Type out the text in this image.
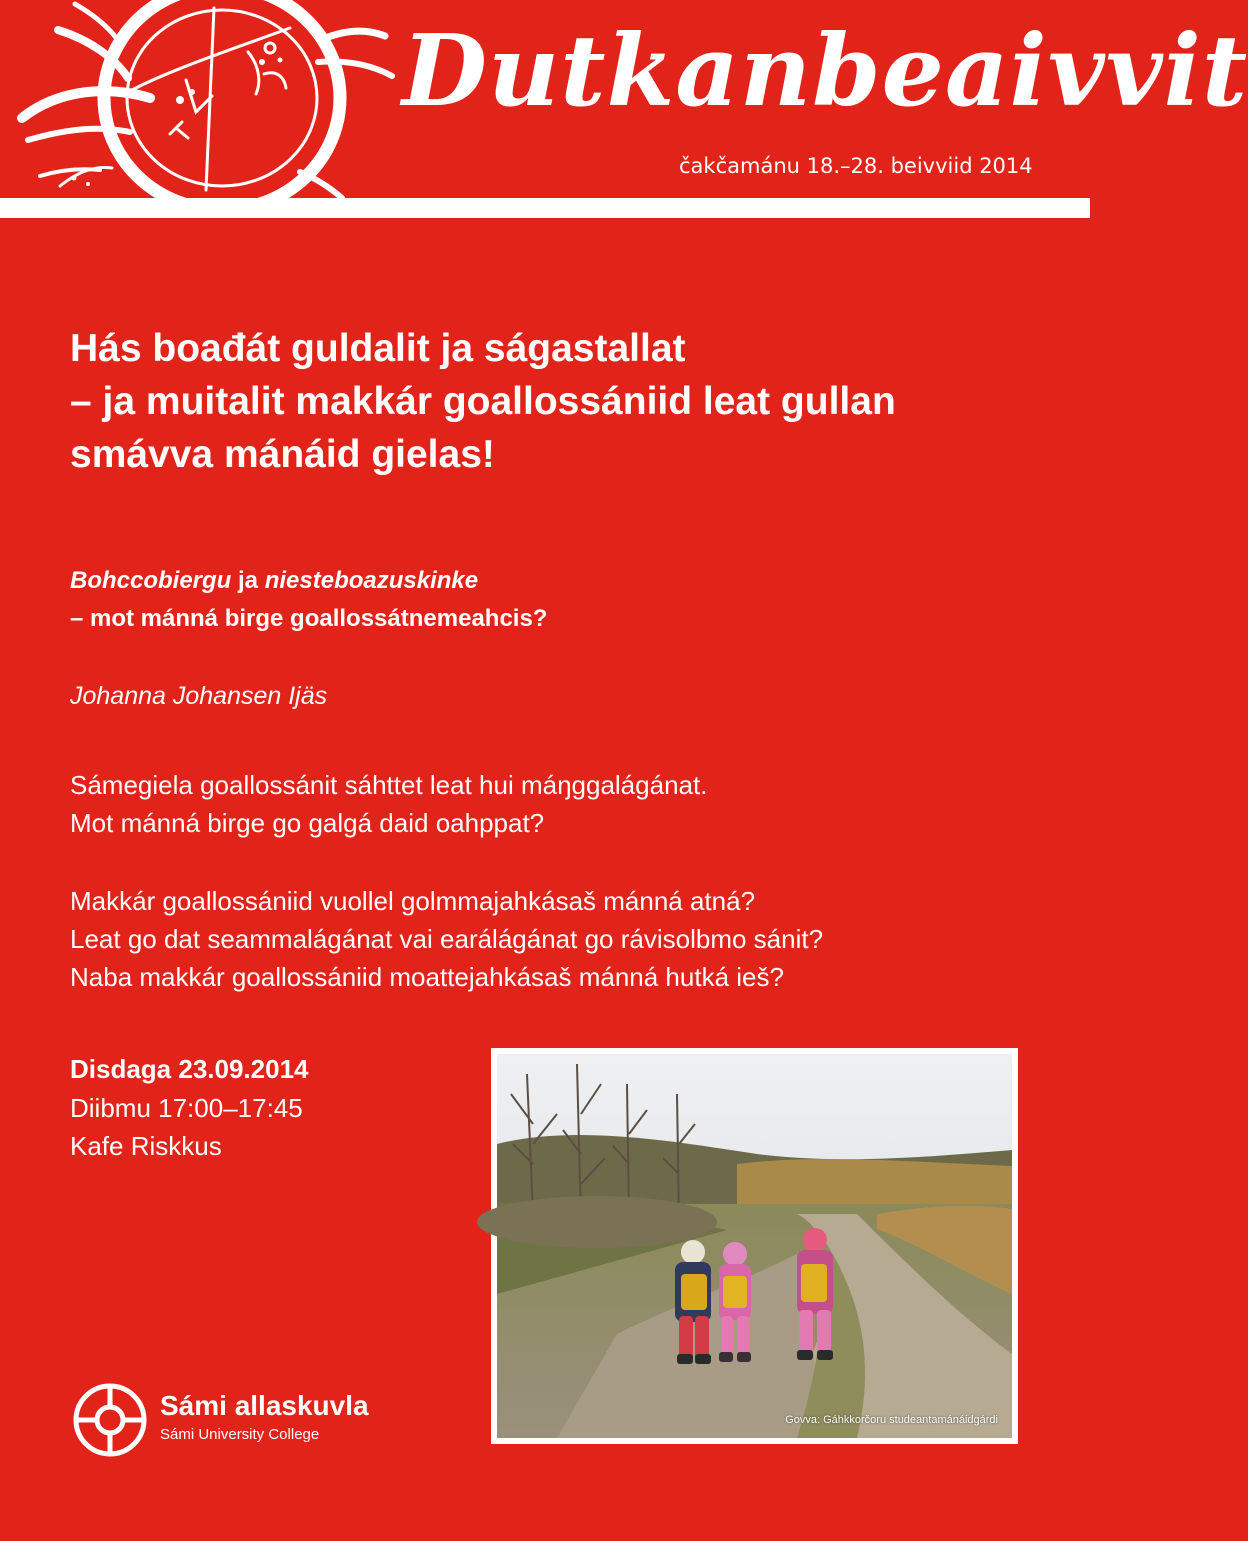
Dutkanbeaivvit
čakčamánu 18.–28. beivviid 2014
Hás boađát guldalit ja ságastallat
– ja muitalit makkár goallossániid leat gullan
smávva mánáid gielas!
Bohccobiergu ja niesteboazuskinke
– mot mánná birge goallossátnemeahcis?
Johanna Johansen Ijäs
Sámegiela goallossánit sáhttet leat hui máŋggalágánat.
Mot mánná birge go galgá daid oahppat?
Makkár goallossániid vuollel golmmajahkásaš mánná atná?
Leat go dat seammalágánat vai earálágánat go rávisolbmo sánit?
Naba makkár goallossániid moattejahkásaš mánná hutká ieš?
Disdaga 23.09.2014
Diibmu 17:00–17:45
Kafe Riskkus
Govva: Gáhkkorčoru studeantamánáidgárdi
Sámi allaskuvla
Sámi University College
